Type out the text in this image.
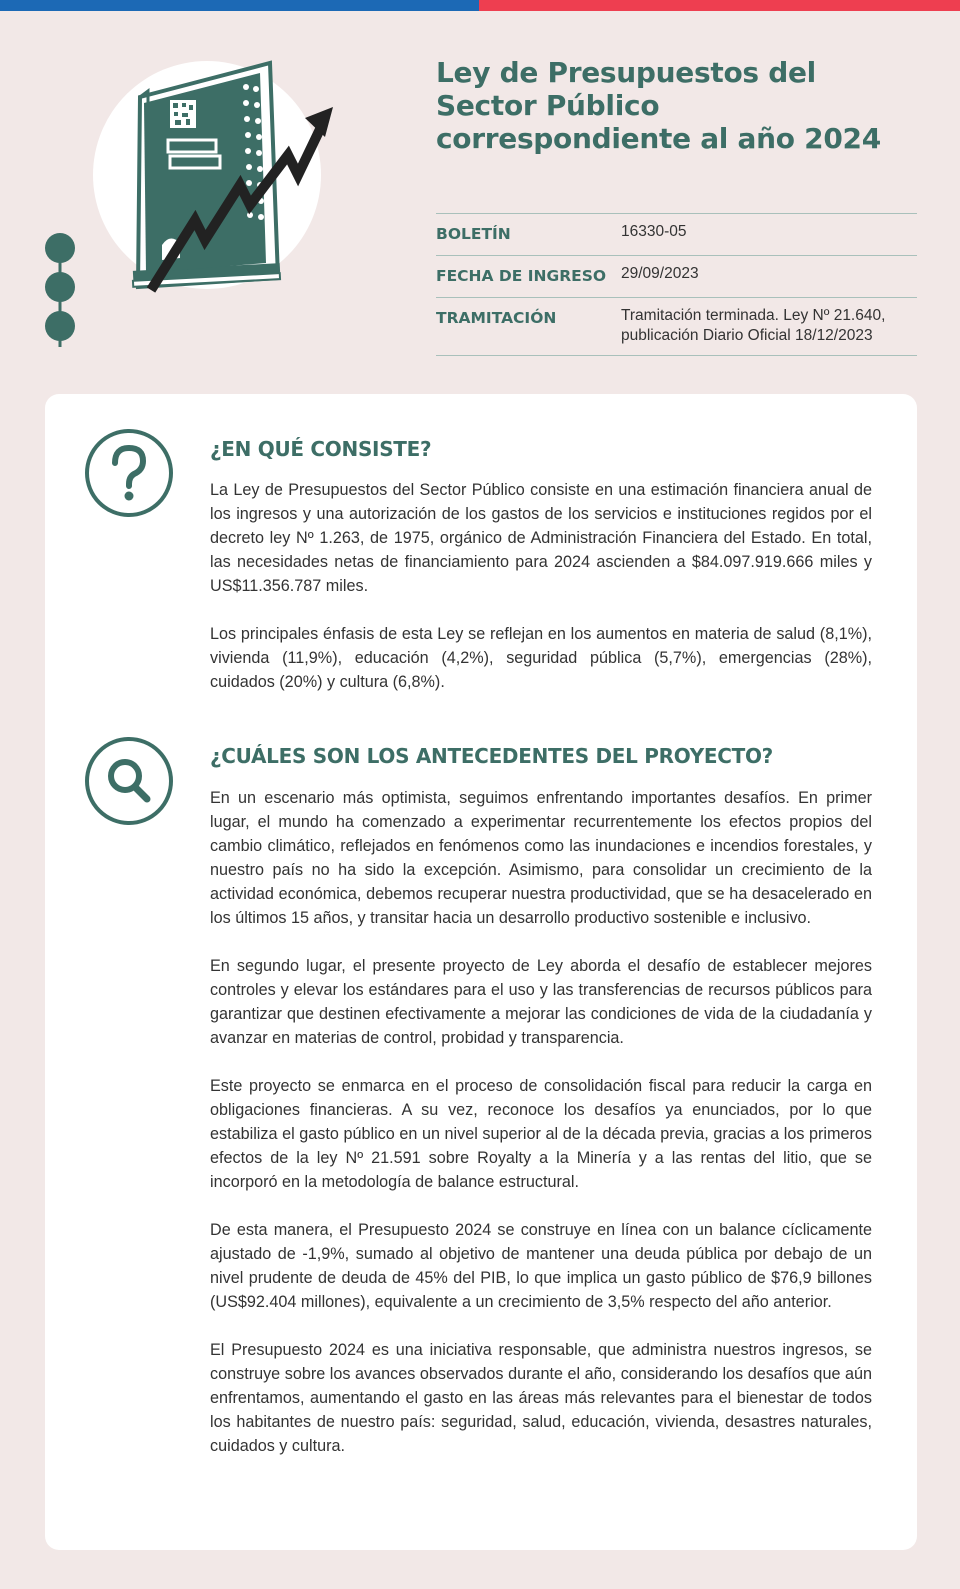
Ley de Presupuestos del Sector Público correspondiente al año 2024
BOLETÍN	16330-05
FECHA DE INGRESO 29/09/2023
TRAMITACIÓN	Tramitación terminada. Ley Nº 21.640, publicación Diario Oficial 18/12/2023
¿EN QUÉ CONSISTE?

La Ley de Presupuestos del Sector Público consiste en una estimación financiera anual de los ingresos y una autorización de los gastos de los servicios e instituciones regidos por el decreto ley Nº 1.263, de 1975, orgánico de Administración Financiera del Estado. En total, las necesidades netas de financiamiento para 2024 ascienden a $84.097.919.666 miles y US$11.356.787 miles.

Los principales énfasis de esta Ley se reflejan en los aumentos en materia de salud (8,1%), vivienda (11,9%), educación (4,2%), seguridad pública (5,7%), emergencias (28%), cuidados (20%) y cultura (6,8%).

¿CUÁLES SON LOS ANTECEDENTES DEL PROYECTO?

En un escenario más optimista, seguimos enfrentando importantes desafíos. En primer lugar, el mundo ha comenzado a experimentar recurrentemente los efectos propios del cambio climático, reflejados en fenómenos como las inundaciones e incendios forestales, y nuestro país no ha sido la excepción. Asimismo, para consolidar un crecimiento de la actividad económica, debemos recuperar nuestra productividad, que se ha desacelerado en los últimos 15 años, y transitar hacia un desarrollo productivo sostenible e inclusivo.

En segundo lugar, el presente proyecto de Ley aborda el desafío de establecer mejores controles y elevar los estándares para el uso y las transferencias de recursos públicos para garantizar que destinen efectivamente a mejorar las condiciones de vida de la ciudadanía y avanzar en materias de control, probidad y transparencia.

Este proyecto se enmarca en el proceso de consolidación fiscal para reducir la carga en obligaciones financieras. A su vez, reconoce los desafíos ya enunciados, por lo que estabiliza el gasto público en un nivel superior al de la década previa, gracias a los primeros efectos de la ley Nº 21.591 sobre Royalty a la Minería y a las rentas del litio, que se incorporó en la metodología de balance estructural.

De esta manera, el Presupuesto 2024 se construye en línea con un balance cíclicamente ajustado de -1,9%, sumado al objetivo de mantener una deuda pública por debajo de un nivel prudente de deuda de 45% del PIB, lo que implica un gasto público de $76,9 billones (US$92.404 millones), equivalente a un crecimiento de 3,5% respecto del año anterior.

El Presupuesto 2024 es una iniciativa responsable, que administra nuestros ingresos, se construye sobre los avances observados durante el año, considerando los desafíos que aún enfrentamos, aumentando el gasto en las áreas más relevantes para el bienestar de todos los habitantes de nuestro país: seguridad, salud, educación, vivienda, desastres naturales, cuidados y cultura.
